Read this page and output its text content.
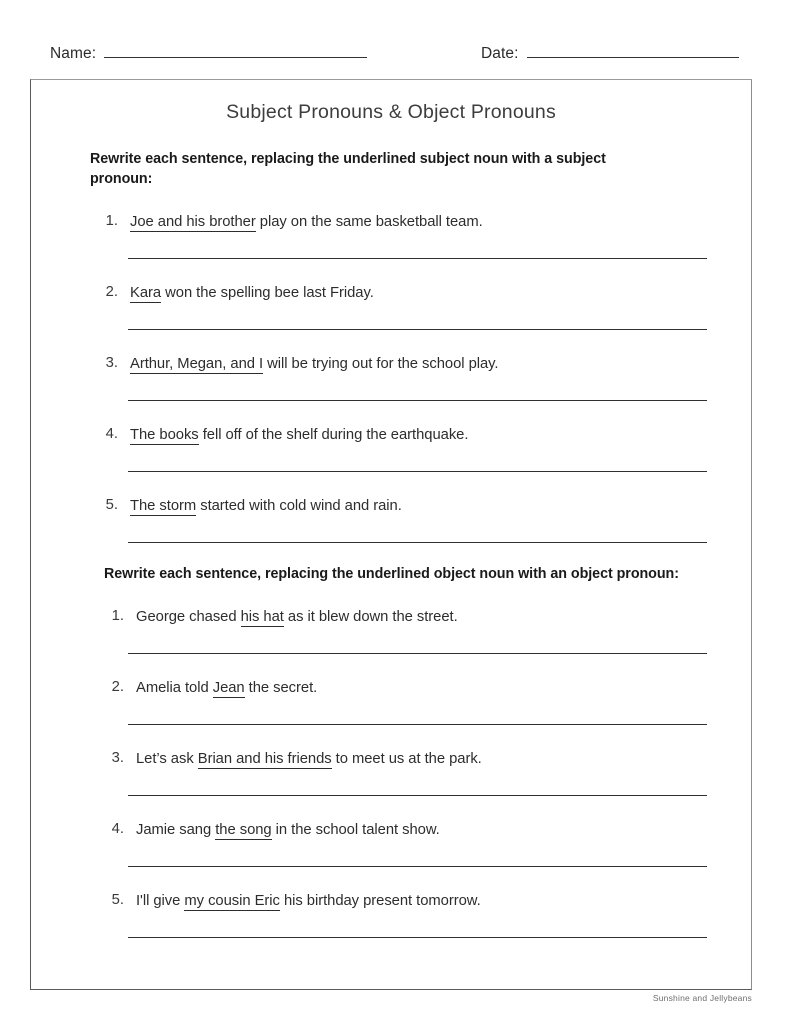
Name:	Date:
Subject Pronouns & Object Pronouns
Rewrite each sentence, replacing the underlined subject noun with a subject pronoun:
1. Joe and his brother play on the same basketball team.
2. Kara won the spelling bee last Friday.
3. Arthur, Megan, and I will be trying out for the school play.
4. The books fell off of the shelf during the earthquake.
5. The storm started with cold wind and rain.
Rewrite each sentence, replacing the underlined object noun with an object pronoun:
1. George chased his hat as it blew down the street.
2. Amelia told Jean the secret.
3. Let’s ask Brian and his friends to meet us at the park.
4. Jamie sang the song in the school talent show.
5. I'll give my cousin Eric his birthday present tomorrow.
Sunshine and Jellybeans
